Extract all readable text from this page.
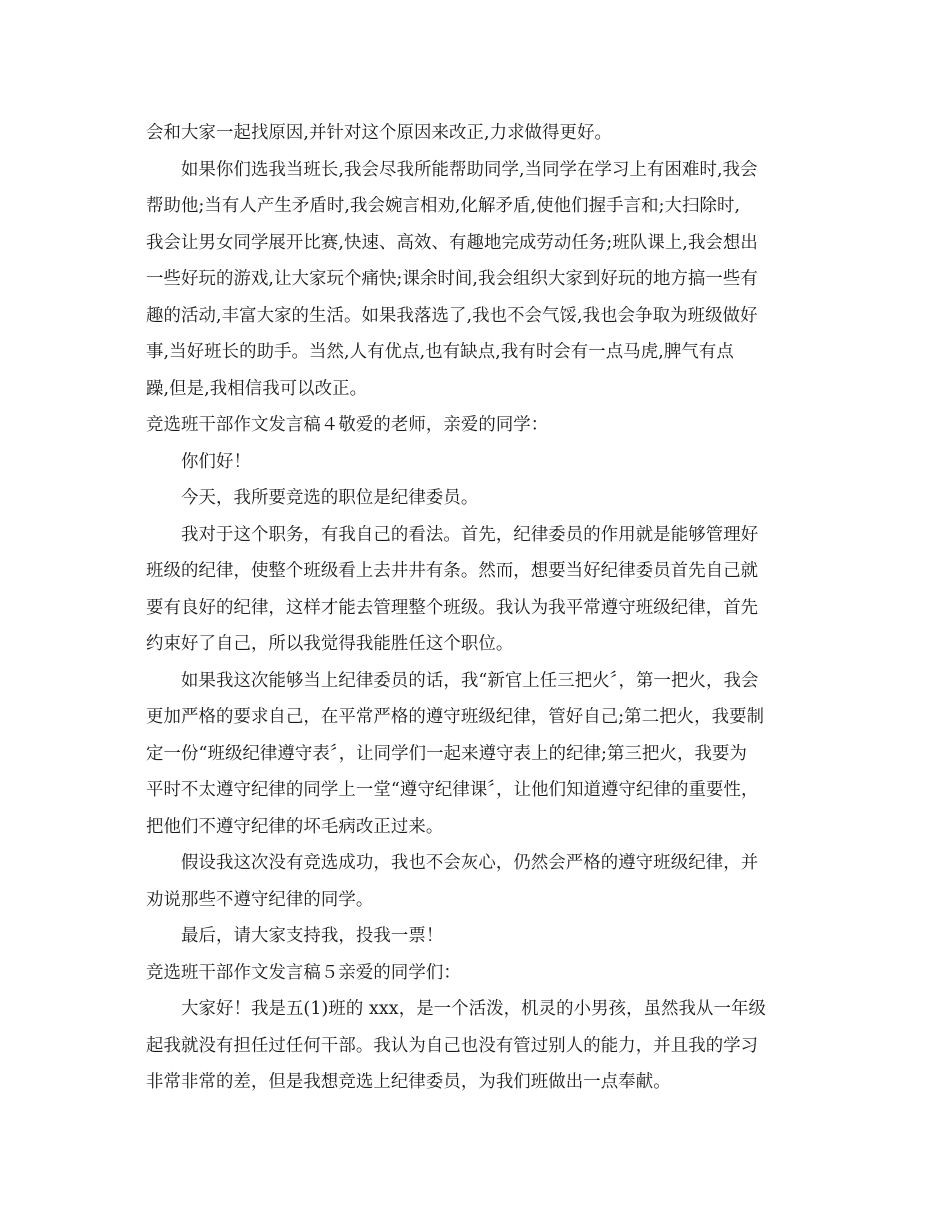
会和大家一起找原因,并针对这个原因来改正,力求做得更好。
如果你们选我当班长,我会尽我所能帮助同学,当同学在学习上有困难时,我会
帮助他;当有人产生矛盾时,我会婉言相劝,化解矛盾,使他们握手言和;大扫除时,
我会让男女同学展开比赛,快速、高效、有趣地完成劳动任务;班队课上,我会想出
一些好玩的游戏,让大家玩个痛快;课余时间,我会组织大家到好玩的地方搞一些有
趣的活动,丰富大家的生活。如果我落选了,我也不会气馁,我也会争取为班级做好
事,当好班长的助手。当然,人有优点,也有缺点,我有时会有一点马虎,脾气有点
躁,但是,我相信我可以改正。
竞选班干部作文发言稿４敬爱的老师，亲爱的同学：
你们好！
今天，我所要竞选的职位是纪律委员。
我对于这个职务，有我自己的看法。首先，纪律委员的作用就是能够管理好
班级的纪律，使整个班级看上去井井有条。然而，想要当好纪律委员首先自己就
要有良好的纪律，这样才能去管理整个班级。我认为我平常遵守班级纪律，首先
约束好了自己，所以我觉得我能胜任这个职位。
如果我这次能够当上纪律委员的话，我“新官上任三把火〞，第一把火，我会
更加严格的要求自己，在平常严格的遵守班级纪律，管好自己;第二把火，我要制
定一份“班级纪律遵守表〞，让同学们一起来遵守表上的纪律;第三把火，我要为
平时不太遵守纪律的同学上一堂“遵守纪律课〞，让他们知道遵守纪律的重要性，
把他们不遵守纪律的坏毛病改正过来。
假设我这次没有竞选成功，我也不会灰心，仍然会严格的遵守班级纪律，并
劝说那些不遵守纪律的同学。
最后，请大家支持我，投我一票！
竞选班干部作文发言稿５亲爱的同学们：
大家好！我是五(1)班的 xxx，是一个活泼，机灵的小男孩，虽然我从一年级
起我就没有担任过任何干部。我认为自己也没有管过别人的能力，并且我的学习
非常非常的差，但是我想竞选上纪律委员，为我们班做出一点奉献。
